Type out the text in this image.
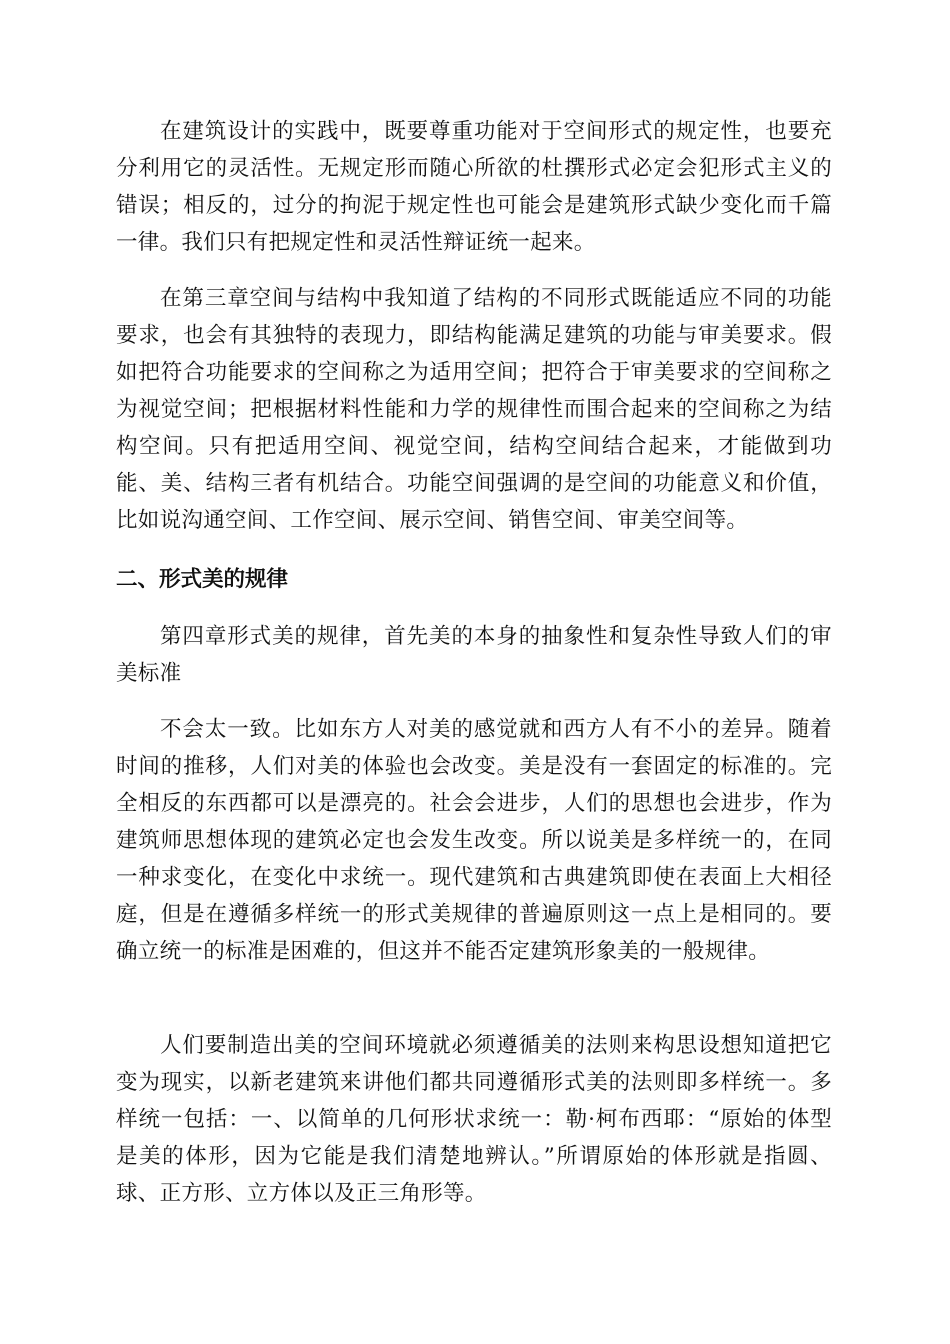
在建筑设计的实践中，既要尊重功能对于空间形式的规定性，也要充分利用它的灵活性。无规定形而随心所欲的杜撰形式必定会犯形式主义的错误；相反的，过分的拘泥于规定性也可能会是建筑形式缺少变化而千篇一律。我们只有把规定性和灵活性辩证统一起来。

在第三章空间与结构中我知道了结构的不同形式既能适应不同的功能要求，也会有其独特的表现力，即结构能满足建筑的功能与审美要求。假如把符合功能要求的空间称之为适用空间；把符合于审美要求的空间称之为视觉空间；把根据材料性能和力学的规律性而围合起来的空间称之为结构空间。只有把适用空间、视觉空间，结构空间结合起来，才能做到功能、美、结构三者有机结合。功能空间强调的是空间的功能意义和价值，比如说沟通空间、工作空间、展示空间、销售空间、审美空间等。

二、形式美的规律

第四章形式美的规律，首先美的本身的抽象性和复杂性导致人们的审美标准

不会太一致。比如东方人对美的感觉就和西方人有不小的差异。随着时间的推移，人们对美的体验也会改变。美是没有一套固定的标准的。完全相反的东西都可以是漂亮的。社会会进步，人们的思想也会进步，作为建筑师思想体现的建筑必定也会发生改变。所以说美是多样统一的，在同一种求变化，在变化中求统一。现代建筑和古典建筑即使在表面上大相径庭，但是在遵循多样统一的形式美规律的普遍原则这一点上是相同的。要确立统一的标准是困难的，但这并不能否定建筑形象美的一般规律。

人们要制造出美的空间环境就必须遵循美的法则来构思设想知道把它变为现实，以新老建筑来讲他们都共同遵循形式美的法则即多样统一。多样统一包括：一、以简单的几何形状求统一：勒·柯布西耶：“原始的体型是美的体形，因为它能是我们清楚地辨认。”所谓原始的体形就是指圆、球、正方形、立方体以及正三角形等。
